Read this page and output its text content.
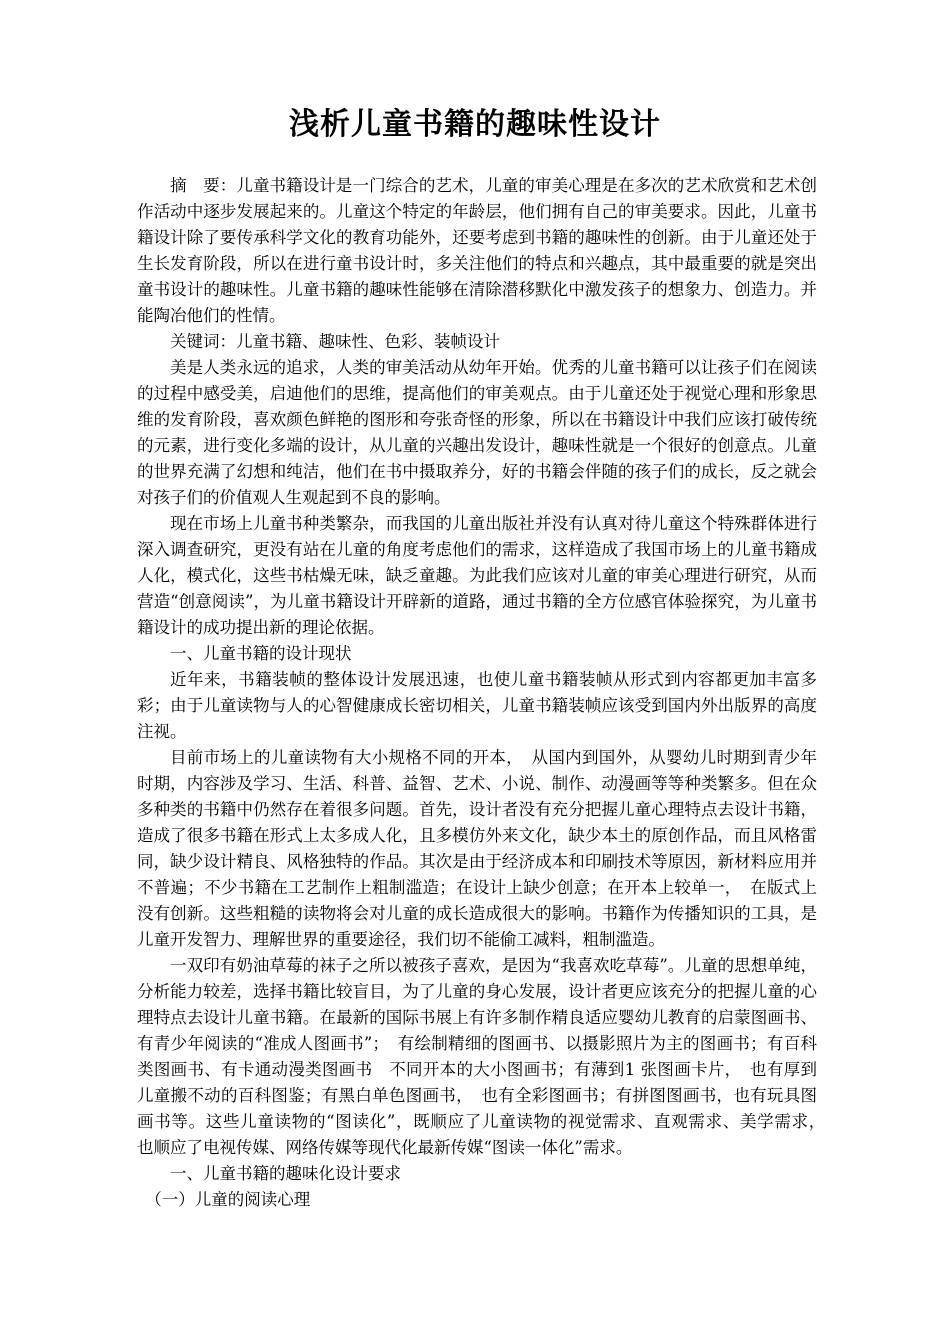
浅析儿童书籍的趣味性设计

摘　要：儿童书籍设计是一门综合的艺术，儿童的审美心理是在多次的艺术欣赏和艺术创作活动中逐步发展起来的。儿童这个特定的年龄层，他们拥有自己的审美要求。因此，儿童书籍设计除了要传承科学文化的教育功能外，还要考虑到书籍的趣味性的创新。由于儿童还处于生长发育阶段，所以在进行童书设计时，多关注他们的特点和兴趣点，其中最重要的就是突出童书设计的趣味性。儿童书籍的趣味性能够在清除潜移默化中激发孩子的想象力、创造力。并能陶冶他们的性情。

关键词：儿童书籍、趣味性、色彩、装帧设计

美是人类永远的追求，人类的审美活动从幼年开始。优秀的儿童书籍可以让孩子们在阅读的过程中感受美，启迪他们的思维，提高他们的审美观点。由于儿童还处于视觉心理和形象思维的发育阶段，喜欢颜色鲜艳的图形和夸张奇怪的形象，所以在书籍设计中我们应该打破传统的元素，进行变化多端的设计，从儿童的兴趣出发设计，趣味性就是一个很好的创意点。儿童的世界充满了幻想和纯洁，他们在书中摄取养分，好的书籍会伴随的孩子们的成长，反之就会对孩子们的价值观人生观起到不良的影响。

现在市场上儿童书种类繁杂，而我国的儿童出版社并没有认真对待儿童这个特殊群体进行深入调查研究，更没有站在儿童的角度考虑他们的需求，这样造成了我国市场上的儿童书籍成人化，模式化，这些书枯燥无味，缺乏童趣。为此我们应该对儿童的审美心理进行研究，从而营造“创意阅读”，为儿童书籍设计开辟新的道路，通过书籍的全方位感官体验探究，为儿童书籍设计的成功提出新的理论依据。

一、儿童书籍的设计现状

近年来，书籍装帧的整体设计发展迅速，也使儿童书籍装帧从形式到内容都更加丰富多彩；由于儿童读物与人的心智健康成长密切相关，儿童书籍装帧应该受到国内外出版界的高度注视。

目前市场上的儿童读物有大小规格不同的开本，　从国内到国外，从婴幼儿时期到青少年时期，内容涉及学习、生活、科普、益智、艺术、小说、制作、动漫画等等种类繁多。但在众多种类的书籍中仍然存在着很多问题。首先，设计者没有充分把握儿童心理特点去设计书籍，造成了很多书籍在形式上太多成人化，且多模仿外来文化，缺少本土的原创作品，而且风格雷同，缺少设计精良、风格独特的作品。其次是由于经济成本和印刷技术等原因，新材料应用并不普遍；不少书籍在工艺制作上粗制滥造；在设计上缺少创意；在开本上较单一，　在版式上没有创新。这些粗糙的读物将会对儿童的成长造成很大的影响。书籍作为传播知识的工具，是儿童开发智力、理解世界的重要途径，我们切不能偷工减料，粗制滥造。

一双印有奶油草莓的袜子之所以被孩子喜欢，是因为“我喜欢吃草莓”。儿童的思想单纯，分析能力较差，选择书籍比较盲目，为了儿童的身心发展，设计者更应该充分的把握儿童的心理特点去设计儿童书籍。在最新的国际书展上有许多制作精良适应婴幼儿教育的启蒙图画书、有青少年阅读的“准成人图画书”；　有绘制精细的图画书、以摄影照片为主的图画书；有百科类图画书、有卡通动漫类图画书　不同开本的大小图画书；有薄到1 张图画卡片，　也有厚到儿童搬不动的百科图鉴；有黑白单色图画书，　也有全彩图画书；有拼图图画书，也有玩具图画书等。这些儿童读物的“图读化”，既顺应了儿童读物的视觉需求、直观需求、美学需求，　也顺应了电视传媒、网络传媒等现代化最新传媒“图读一体化”需求。

一、儿童书籍的趣味化设计要求

（一）儿童的阅读心理
